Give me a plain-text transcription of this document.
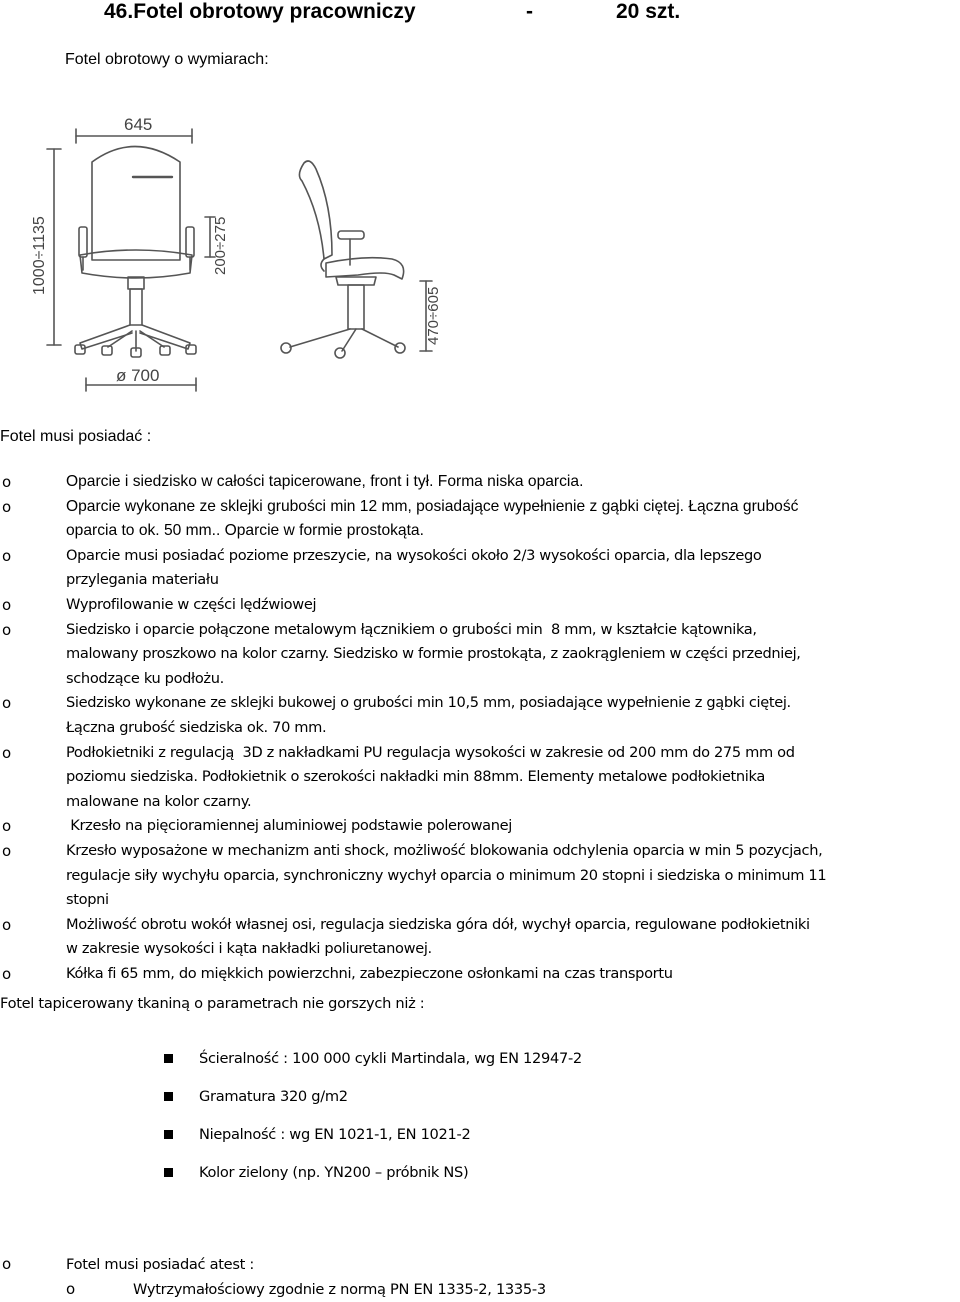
46.Fotel obrotowy pracowniczy	-	20 szt.
Fotel obrotowy o wymiarach:
645
1000÷1135	200÷275
ø 700
470÷605
Fotel musi posiadać :
o	Oparcie i siedzisko w całości tapicerowane, front i tył. Forma niska oparcia.
o	Oparcie wykonane ze sklejki grubości min 12 mm, posiadające wypełnienie z gąbki ciętej. Łączna grubość
oparcia to ok. 50 mm.. Oparcie w formie prostokąta.
o	Oparcie musi posiadać poziome przeszycie, na wysokości około 2/3 wysokości oparcia, dla lepszego
przylegania materiału
o	Wyprofilowanie w części lędźwiowej
o	Siedzisko i oparcie połączone metalowym łącznikiem o grubości min  8 mm, w kształcie kątownika,
malowany proszkowo na kolor czarny. Siedzisko w formie prostokąta, z zaokrągleniem w części przedniej,
schodzące ku podłożu.
o	Siedzisko wykonane ze sklejki bukowej o grubości min 10,5 mm, posiadające wypełnienie z gąbki ciętej.
Łączna grubość siedziska ok. 70 mm.
o	Podłokietniki z regulacją  3D z nakładkami PU regulacja wysokości w zakresie od 200 mm do 275 mm od
poziomu siedziska. Podłokietnik o szerokości nakładki min 88mm. Elementy metalowe podłokietnika
malowane na kolor czarny.
o	Krzesło na pięcioramiennej aluminiowej podstawie polerowanej
o	Krzesło wyposażone w mechanizm anti shock, możliwość blokowania odchylenia oparcia w min 5 pozycjach,
regulacje siły wychyłu oparcia, synchroniczny wychył oparcia o minimum 20 stopni i siedziska o minimum 11
stopni
o	Możliwość obrotu wokół własnej osi, regulacja siedziska góra dół, wychył oparcia, regulowane podłokietniki
w zakresie wysokości i kąta nakładki poliuretanowej.
o	Kółka fi 65 mm, do miękkich powierzchni, zabezpieczone osłonkami na czas transportu
Fotel tapicerowany tkaniną o parametrach nie gorszych niż :
Ścieralność : 100 000 cykli Martindala, wg EN 12947-2
Gramatura 320 g/m2
Niepalność : wg EN 1021-1, EN 1021-2
Kolor zielony (np. YN200 – próbnik NS)
o	Fotel musi posiadać atest :
o	Wytrzymałościowy zgodnie z normą PN EN 1335-2, 1335-3
